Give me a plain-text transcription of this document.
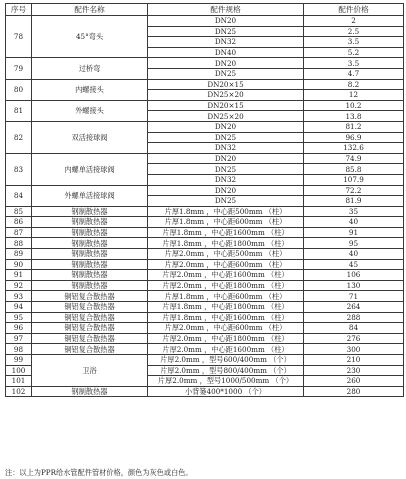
序号	配件名称	配件规格	配件价格
78	45°弯头	DN20	2
		DN25	2.5
		DN32	3.5
		DN40	5.2
79	过桥弯	DN20	3.5
		DN25	4.7
80	内螺接头	DN20×15	8.2
		DN25×20	12
81	外螺接头	DN20×15	10.2
		DN25×20	13.8
82	双活接球阀	DN20	81.2
		DN25	96.9
		DN32	132.6
83	内螺单活接球阀	DN20	74.9
		DN25	85.8
		DN32	107.9
84	外螺单活接球阀	DN20	72.2
		DN25	81.9
85	钢制散热器	片厚1.8mm ，中心距500mm （柱）	35
86	钢制散热器	片厚1.8mm ，中心距600mm （柱）	40
87	钢制散热器	片厚1.8mm ，中心距1600mm （柱）	91
88	钢制散热器	片厚1.8mm ，中心距1800mm （柱）	95
89	钢制散热器	片厚2.0mm ，中心距500mm （柱）	40
90	钢制散热器	片厚2.0mm ，中心距600mm （柱）	45
91	钢制散热器	片厚2.0mm ，中心距1600mm （柱）	106
92	钢制散热器	片厚2.0mm ，中心距1800mm （柱）	130
93	铜铝复合散热器	片厚1.8mm ，中心距600mm （柱）	71
94	铜铝复合散热器	片厚1.8mm ，中心距1800mm （柱）	264
95	铜铝复合散热器	片厚1.8mm ，中心距1600mm （柱）	288
96	铜铝复合散热器	片厚2.0mm ，中心距600mm （柱）	84
97	铜铝复合散热器	片厚2.0mm ，中心距1800mm （柱）	276
98	铜铝复合散热器	片厚2.0mm ，中心距1600mm （柱）	300
99	卫浴	片厚2.0mm ，型号600/400mm （个）	210
100		片厚2.0mm ，型号800/400mm （个）	230
101		片厚2.0mm ，型号1000/500mm （个）	260
102	钢制散热器	小背篓400*1000 （个）	280
注：以上为PPR给水管配件管材价格，颜色为灰色或白色。
